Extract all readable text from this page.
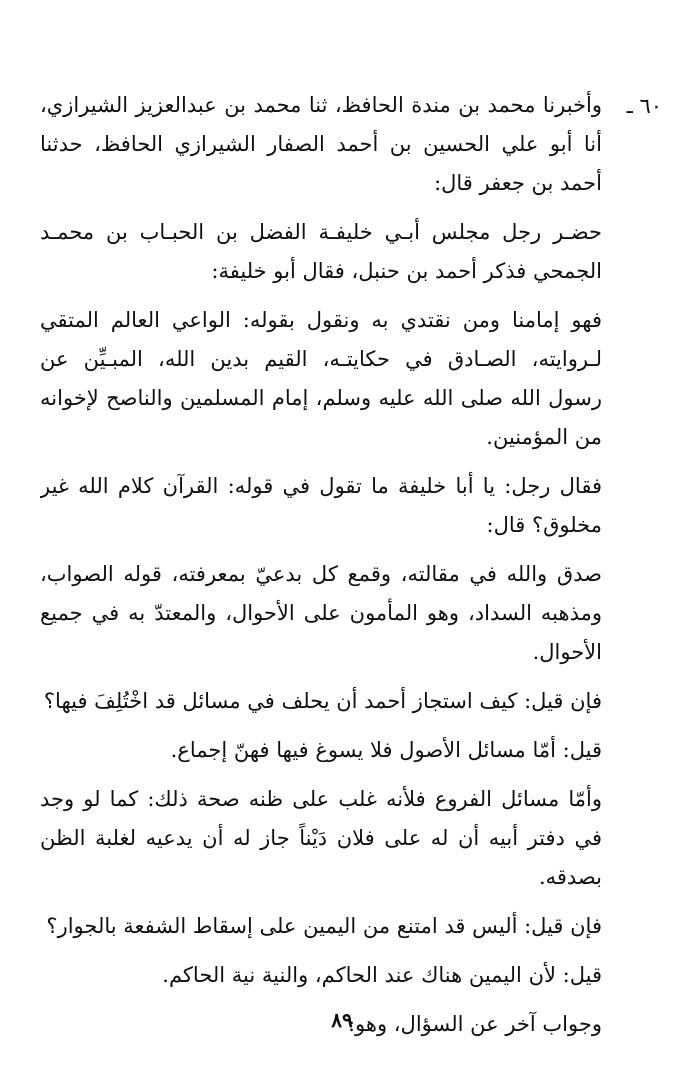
٦٠ ـ
وأخبرنا محمد بن مندة الحافظ، ثنا محمد بن عبدالعزيز الشيرازي،
أنا أبو علي الحسين بن أحمد الصفار الشيرازي الحافظ، حدثنا
أحمد بن جعفر قال:
حضـر رجل مجلس أبـي خليفـة الفضل بن الحبـاب بن محمـد
الجمحي فذكر أحمد بن حنبل، فقال أبو خليفة:
فهو إمامنا ومن نقتدي به ونقول بقوله: الواعي العالم المتقي
لـروايته، الصـادق في حكايتـه، القيم بدين الله، المبـيِّن عن
رسول الله صلى الله عليه وسلم، إمام المسلمين والناصح لإخوانه
من المؤمنين.
فقال رجل: يا أبا خليفة ما تقول في قوله: القرآن كلام الله غير
مخلوق؟ قال:
صدق والله في مقالته، وقمع كل بدعيّ بمعرفته، قوله الصواب،
ومذهبه السداد، وهو المأمون على الأحوال، والمعتدّ به في جميع
الأحوال.
فإن قيل: كيف استجاز أحمد أن يحلف في مسائل قد اخْتُلِفَ فيها؟
قيل: أمّا مسائل الأصول فلا يسوغ فيها فهنّ إجماع.
وأمّا مسائل الفروع فلأنه غلب على ظنه صحة ذلك: كما لو وجد
في دفتر أبيه أن له على فلان دَيْناً جاز له أن يدعيه لغلبة الظن
بصدقه.
فإن قيل: أليس قد امتنع من اليمين على إسقاط الشفعة بالجوار؟
قيل: لأن اليمين هناك عند الحاكم، والنية نية الحاكم.
وجواب آخر عن السؤال، وهو:
٨٩
